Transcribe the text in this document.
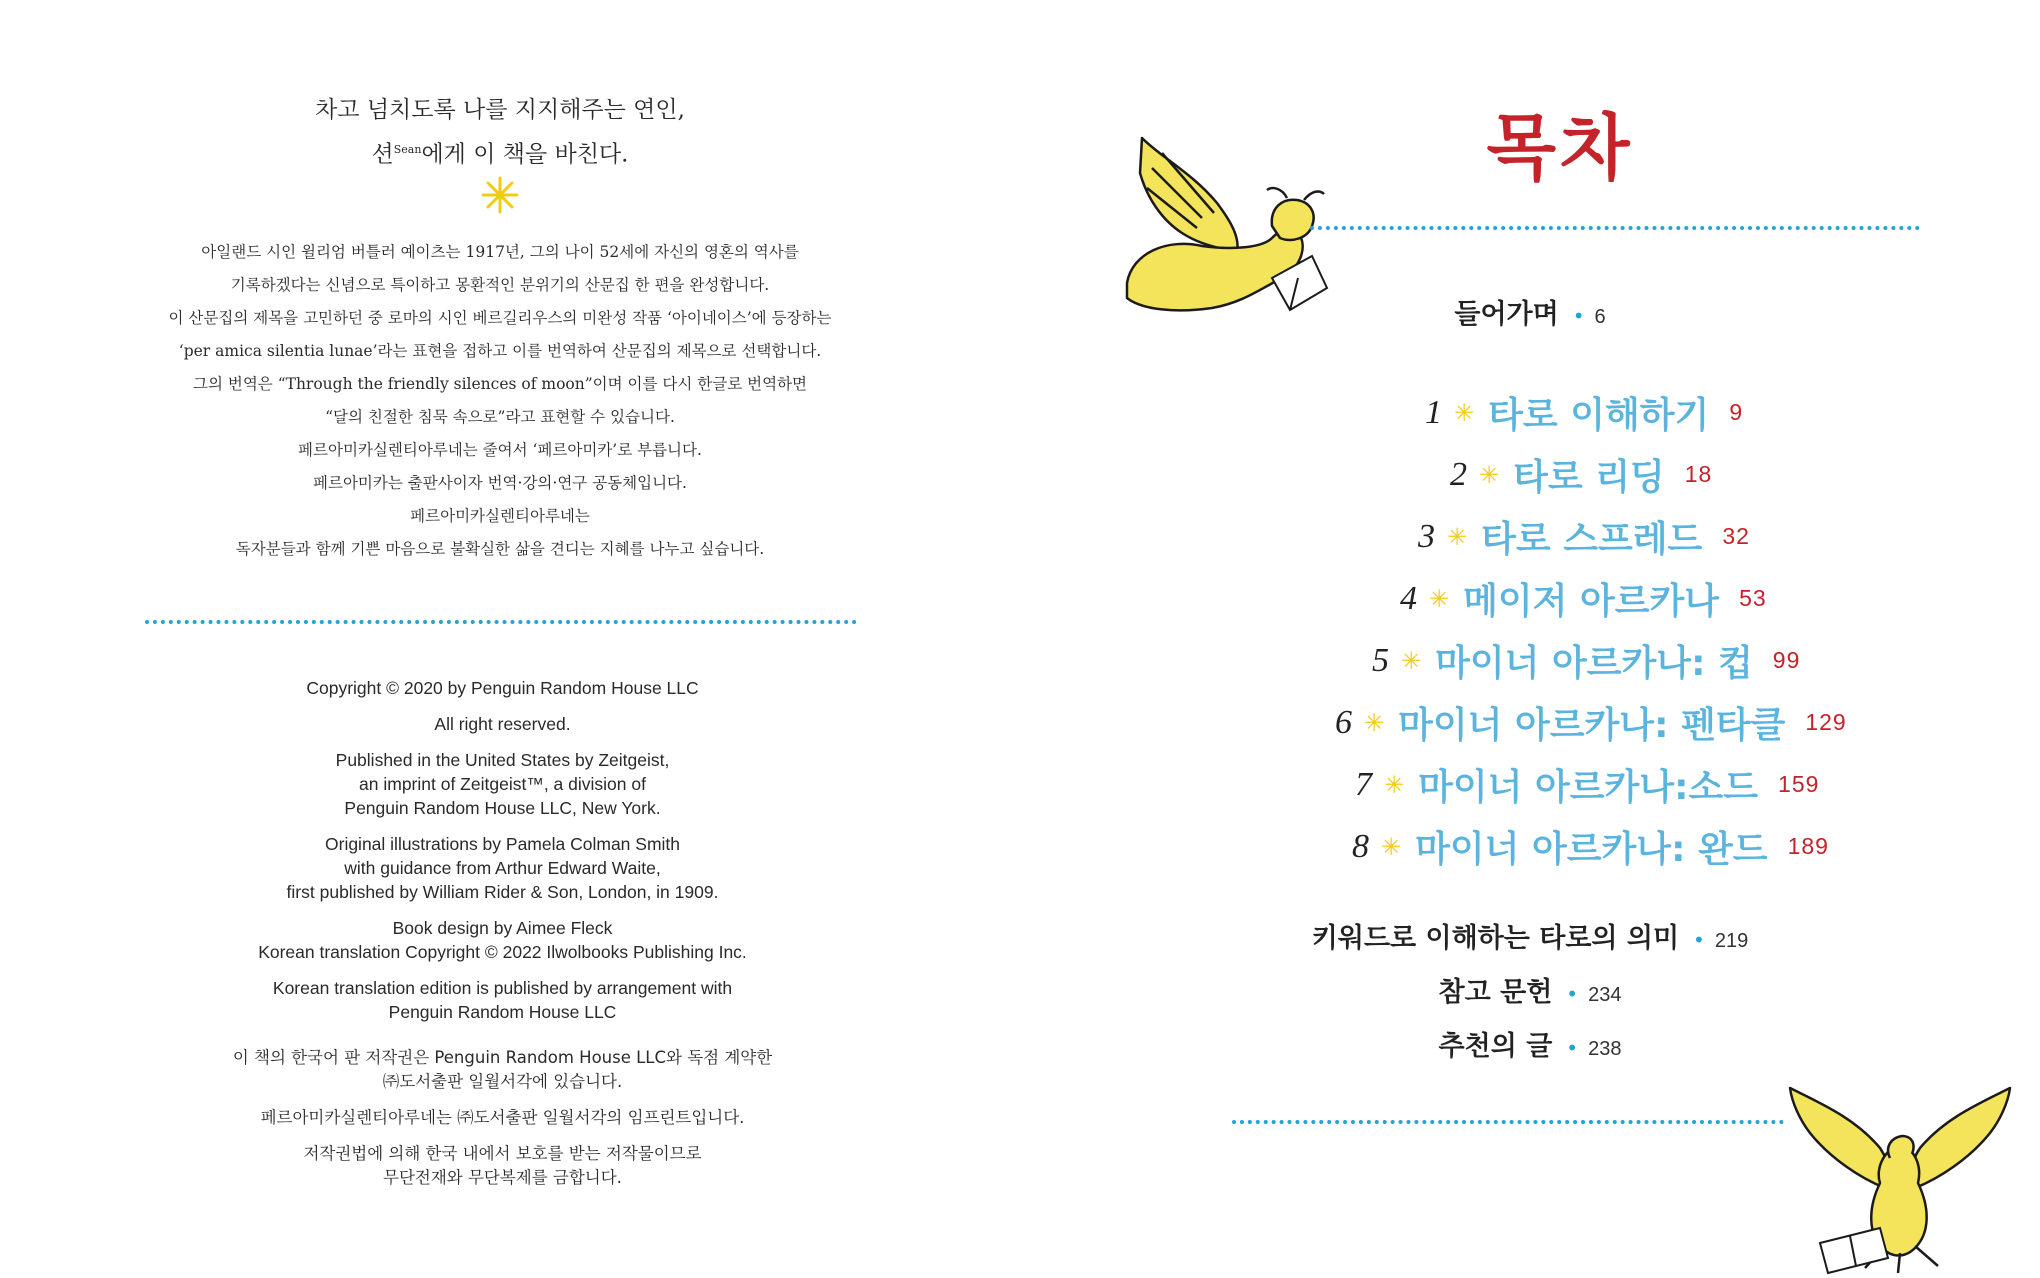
차고 넘치도록 나를 지지해주는 연인,
션$^{Sean}$에게 이 책을 바친다.

아일랜드 시인 윌리엄 버틀러 예이츠는 1917년, 그의 나이 52세에 자신의 영혼의 역사를

기록하겠다는 신념으로 특이하고 몽환적인 분위기의 산문집 한 편을 완성합니다.

이 산문집의 제목을 고민하던 중 로마의 시인 베르길리우스의 미완성 작품 ‘아이네이스’에 등장하는

‘per amica silentia lunae’라는 표현을 접하고 이를 번역하여 산문집의 제목으로 선택합니다.

그의 번역은 “Through the friendly silences of moon”이며 이를 다시 한글로 번역하면

“달의 친절한 침묵 속으로”라고 표현할 수 있습니다.

페르아미카실렌티아루네는 줄여서 ‘페르아미카’로 부릅니다.

페르아미카는 출판사이자 번역·강의·연구 공동체입니다.

페르아미카실렌티아루네는

독자분들과 함께 기쁜 마음으로 불확실한 삶을 견디는 지혜를 나누고 싶습니다.

Copyright © 2020 by Penguin Random House LLC

All right reserved.

Published in the United States by Zeitgeist,
an imprint of Zeitgeist™, a division of
Penguin Random House LLC, New York.

Original illustrations by Pamela Colman Smith
with guidance from Arthur Edward Waite,
first published by William Rider & Son, London, in 1909.

Book design by Aimee Fleck
Korean translation Copyright © 2022 Ilwolbooks Publishing Inc.

Korean translation edition is published by arrangement with
Penguin Random House LLC

이 책의 한국어 판 저작권은 Penguin Random House LLC와 독점 계약한
㈜도서출판 일월서각에 있습니다.

페르아미카실렌티아루네는 ㈜도서출판 일월서각의 임프린트입니다.

저작권법에 의해 한국 내에서 보호를 받는 저작물이므로
무단전재와 무단복제를 금합니다.

목차
들어가며 • 6
1 ✳ 타로 이해하기 9
2 ✳ 타로 리딩 18
3 ✳ 타로 스프레드 32
4 ✳ 메이저 아르카나 53
5 ✳ 마이너 아르카나: 컵 99
6 ✳ 마이너 아르카나: 펜타클 129
7 ✳ 마이너 아르카나:소드 159
8 ✳ 마이너 아르카나: 완드 189
키워드로 이해하는 타로의 의미 • 219
참고 문헌 • 234
추천의 글 • 238
